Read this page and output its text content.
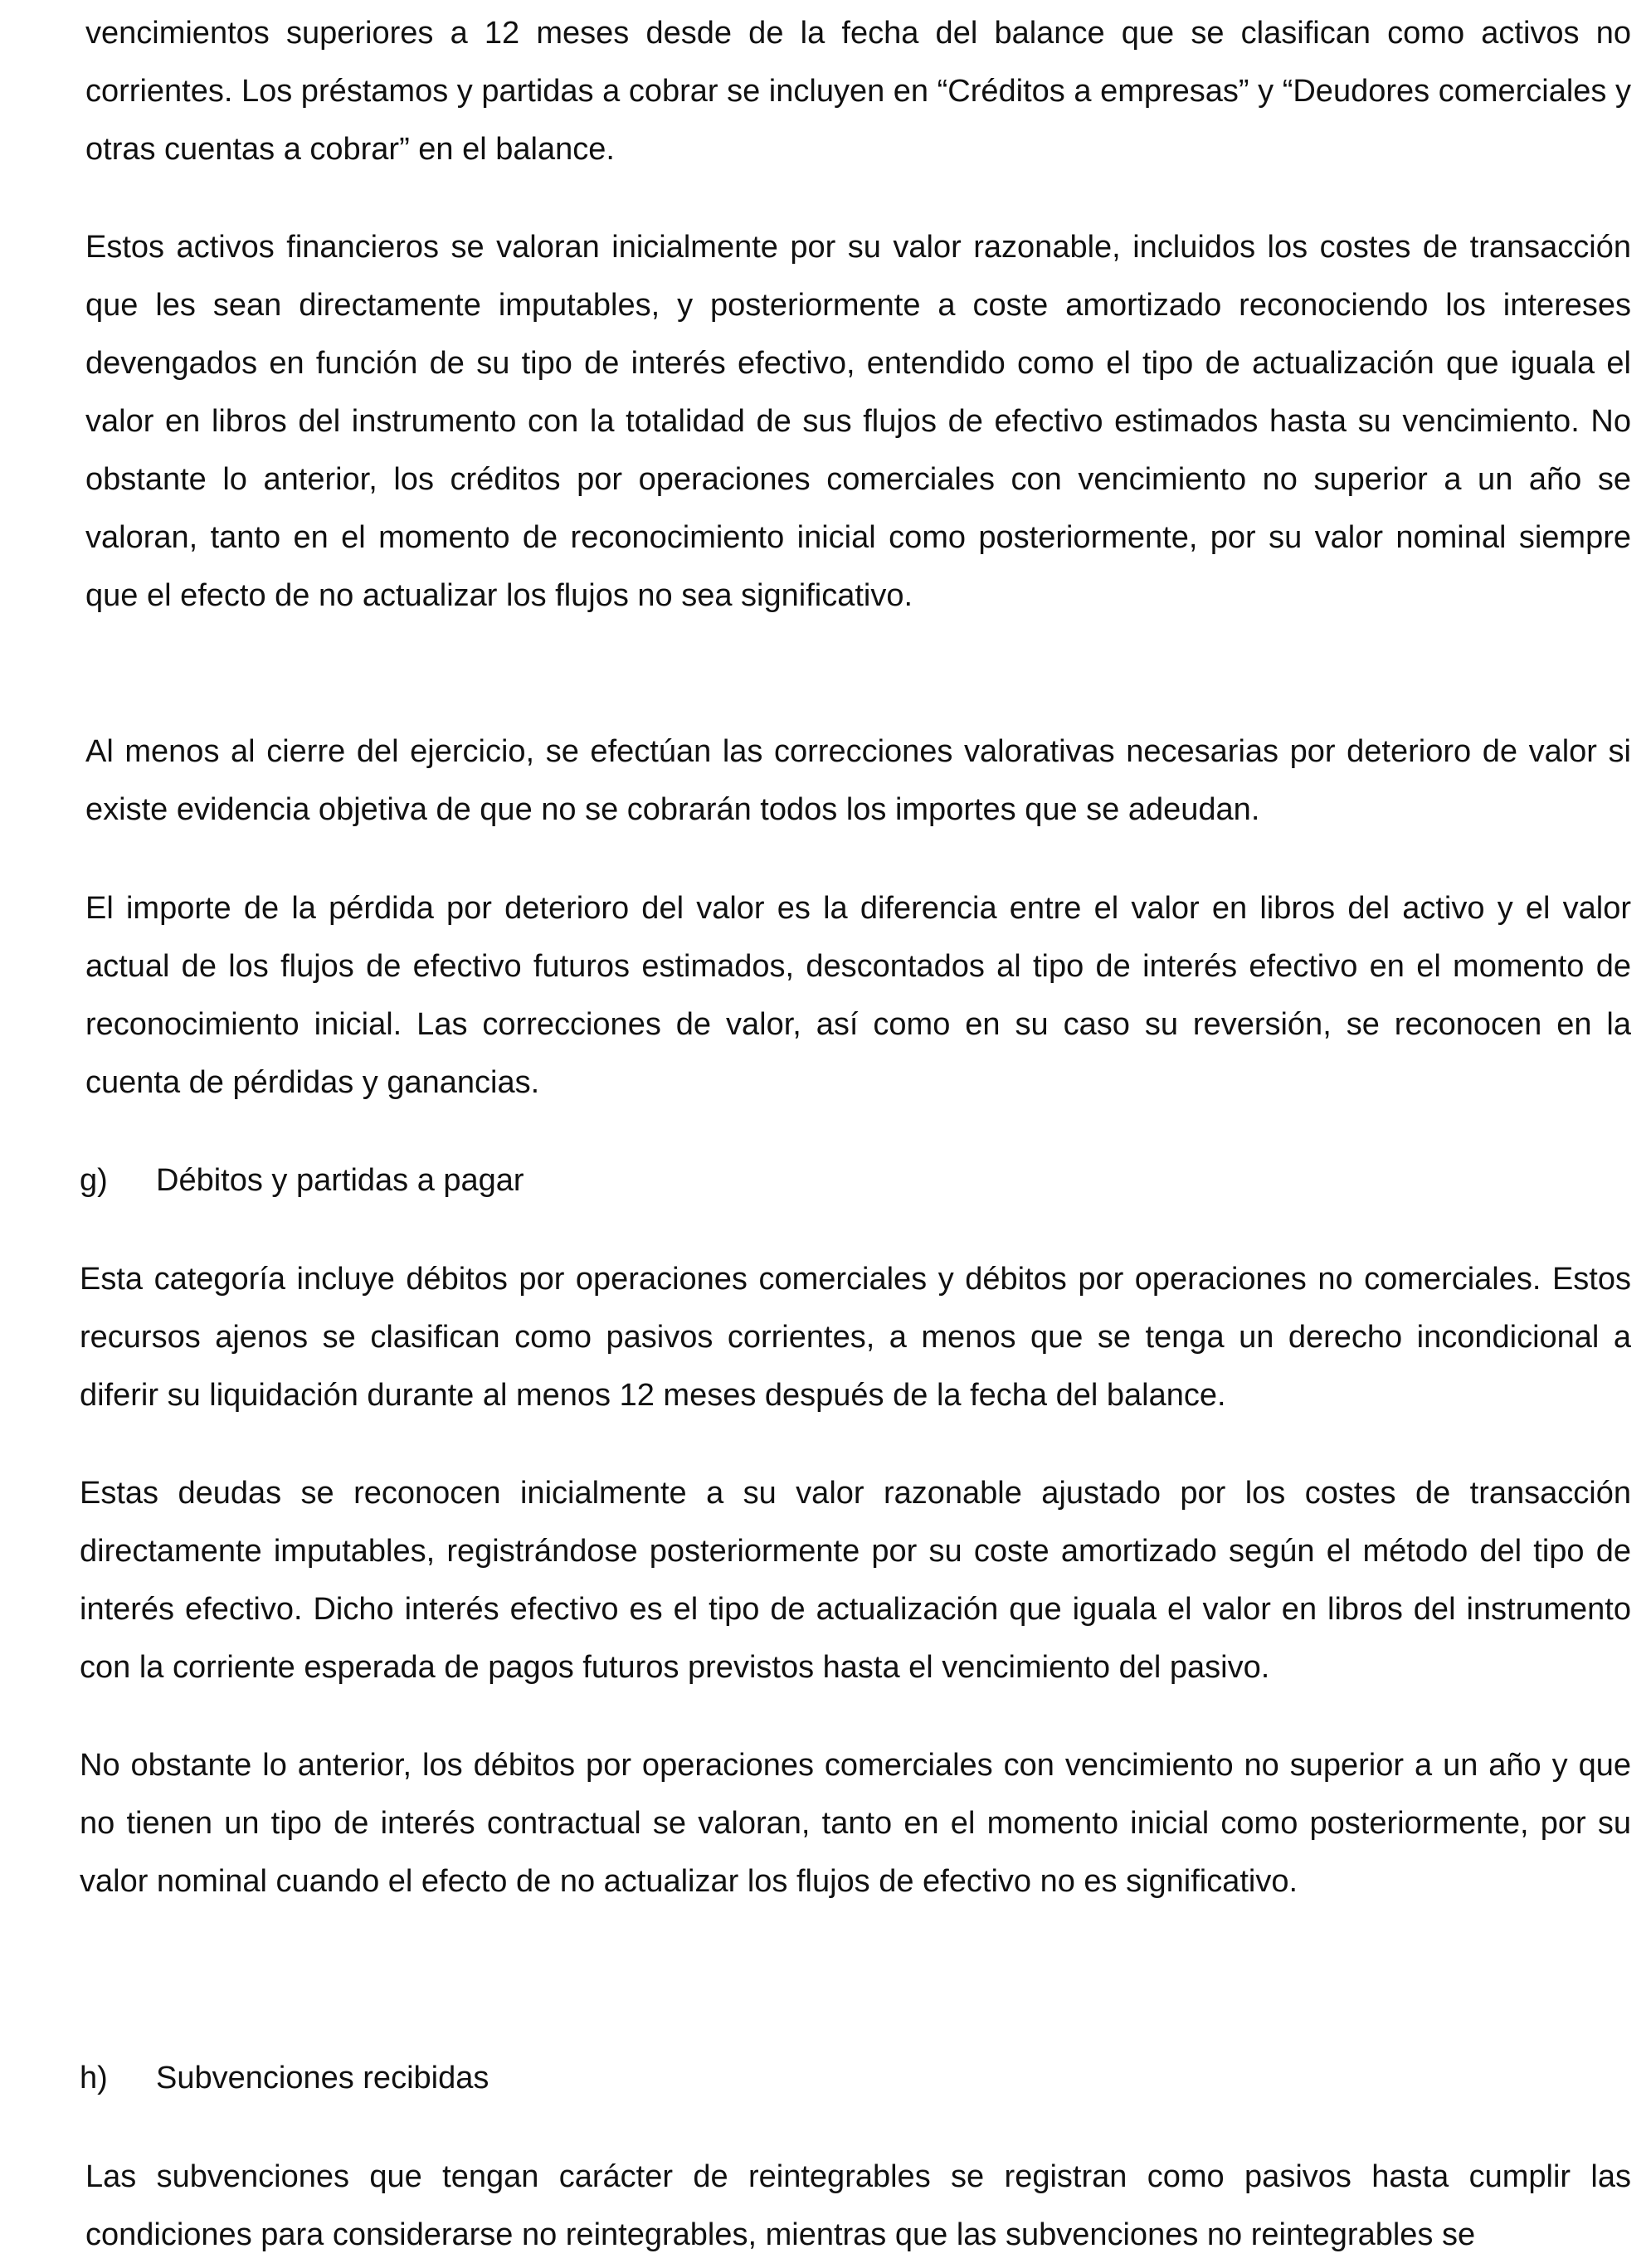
vencimientos superiores a 12 meses desde de la fecha del balance que se clasifican como activos no corrientes. Los préstamos y partidas a cobrar se incluyen en “Créditos a empresas” y “Deudores comerciales y otras cuentas a cobrar” en el balance.

Estos activos financieros se valoran inicialmente por su valor razonable, incluidos los costes de transacción que les sean directamente imputables, y posteriormente a coste amortizado reconociendo los intereses devengados en función de su tipo de interés efectivo, entendido como el tipo de actualización que iguala el valor en libros del instrumento con la totalidad de sus flujos de efectivo estimados hasta su vencimiento. No obstante lo anterior, los créditos por operaciones comerciales con vencimiento no superior a un año se valoran, tanto en el momento de reconocimiento inicial como posteriormente, por su valor nominal siempre que el efecto de no actualizar los flujos no sea significativo.

Al menos al cierre del ejercicio, se efectúan las correcciones valorativas necesarias por deterioro de valor si existe evidencia objetiva de que no se cobrarán todos los importes que se adeudan.

El importe de la pérdida por deterioro del valor es la diferencia entre el valor en libros del activo y el valor actual de los flujos de efectivo futuros estimados, descontados al tipo de interés efectivo en el momento de reconocimiento inicial. Las correcciones de valor, así como en su caso su reversión, se reconocen en la cuenta de pérdidas y ganancias.

g) Débitos y partidas a pagar

Esta categoría incluye débitos por operaciones comerciales y débitos por operaciones no comerciales. Estos recursos ajenos se clasifican como pasivos corrientes, a menos que se tenga un derecho incondicional a diferir su liquidación durante al menos 12 meses después de la fecha del balance.

Estas deudas se reconocen inicialmente a su valor razonable ajustado por los costes de transacción directamente imputables, registrándose posteriormente por su coste amortizado según el método del tipo de interés efectivo. Dicho interés efectivo es el tipo de actualización que iguala el valor en libros del instrumento con la corriente esperada de pagos futuros previstos hasta el vencimiento del pasivo.

No obstante lo anterior, los débitos por operaciones comerciales con vencimiento no superior a un año y que no tienen un tipo de interés contractual se valoran, tanto en el momento inicial como posteriormente, por su valor nominal cuando el efecto de no actualizar los flujos de efectivo no es significativo.

h) Subvenciones recibidas

Las subvenciones que tengan carácter de reintegrables se registran como pasivos hasta cumplir las condiciones para considerarse no reintegrables, mientras que las subvenciones no reintegrables se
